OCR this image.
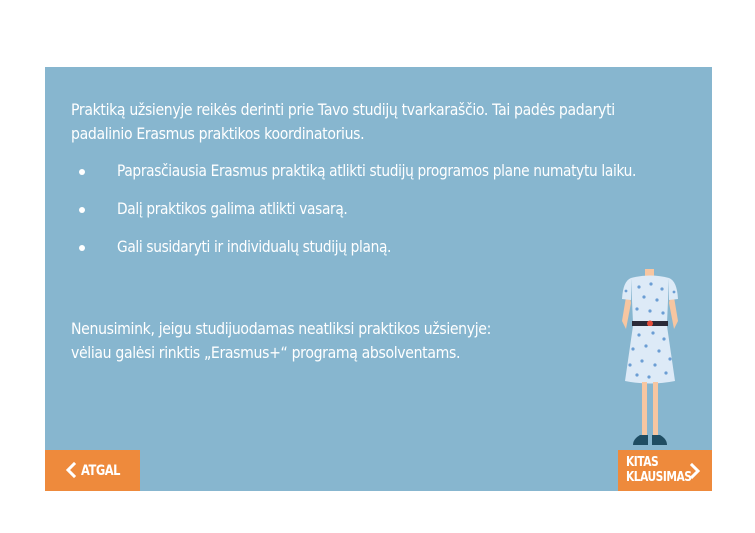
Praktiką užsienyje reikės derinti prie Tavo studijų tvarkaraščio. Tai padės padaryti padalinio Erasmus praktikos koordinatorius.
Paprasčiausia Erasmus praktiką atlikti studijų programos plane numatytu laiku.
Dalį praktikos galima atlikti vasarą.
Gali susidaryti ir individualų studijų planą.
Nenusimink, jeigu studijuodamas neatliksi praktikos užsienyje:
vėliau galėsi rinktis „Erasmus+“ programą absolventams.
ATGAL
KITAS
KLAUSIMAS
